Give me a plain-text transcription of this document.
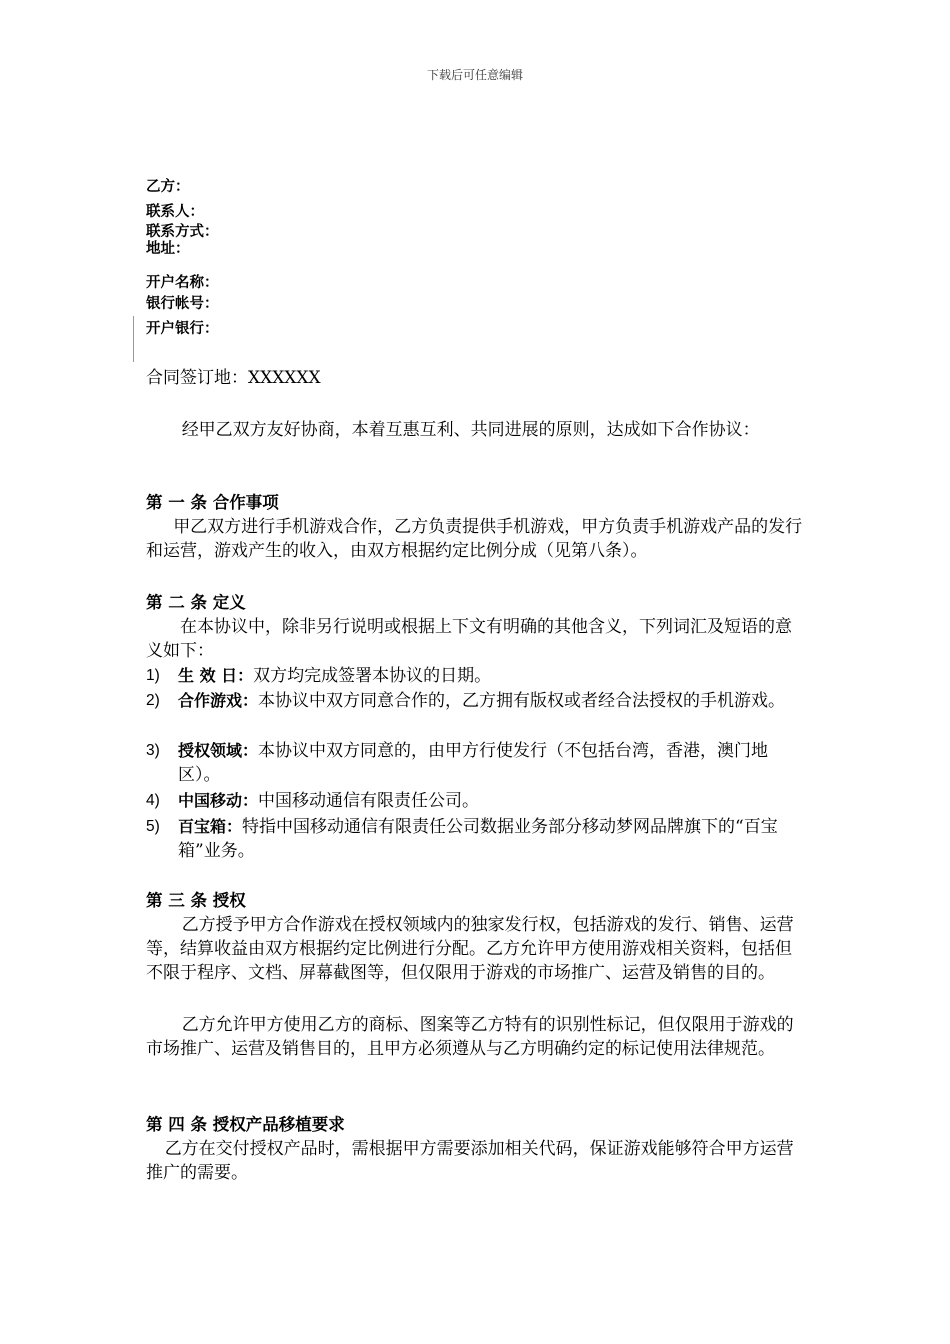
下载后可任意编辑
乙方：
联系人：
联系方式：
地址：
开户名称：
银行帐号：
开户银行：
合同签订地：XXXXXX
经甲乙双方友好协商，本着互惠互利、共同进展的原则，达成如下合作协议：
第 一 条 合作事项
甲乙双方进行手机游戏合作，乙方负责提供手机游戏，甲方负责手机游戏产品的发行和运营，游戏产生的收入，由双方根据约定比例分成（见第八条）。
第 二 条 定义
在本协议中，除非另行说明或根据上下文有明确的其他含义，下列词汇及短语的意义如下：
1) 生 效 日：双方均完成签署本协议的日期。
2) 合作游戏：本协议中双方同意合作的，乙方拥有版权或者经合法授权的手机游戏。
3) 授权领域：本协议中双方同意的，由甲方行使发行（不包括台湾，香港，澳门地区）。
4) 中国移动：中国移动通信有限责任公司。
5) 百宝箱：特指中国移动通信有限责任公司数据业务部分移动梦网品牌旗下的“百宝箱”业务。
第 三 条 授权
乙方授予甲方合作游戏在授权领域内的独家发行权，包括游戏的发行、销售、运营等，结算收益由双方根据约定比例进行分配。乙方允许甲方使用游戏相关资料，包括但不限于程序、文档、屏幕截图等，但仅限用于游戏的市场推广、运营及销售的目的。
乙方允许甲方使用乙方的商标、图案等乙方特有的识别性标记，但仅限用于游戏的市场推广、运营及销售目的，且甲方必须遵从与乙方明确约定的标记使用法律规范。
第 四 条 授权产品移植要求
乙方在交付授权产品时，需根据甲方需要添加相关代码，保证游戏能够符合甲方运营推广的需要。
